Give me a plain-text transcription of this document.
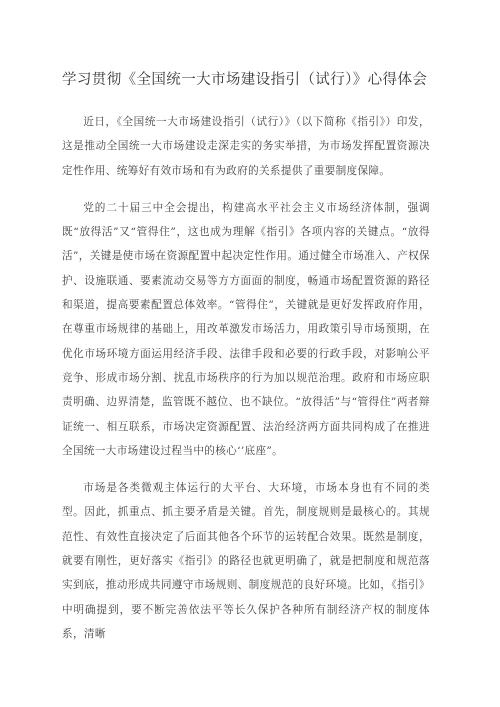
学习贯彻《全国统一大市场建设指引（试行）》心得体会

近日，《全国统一大市场建设指引（试行）》（以下简称《指引》）印发，这是推动全国统一大市场建设走深走实的务实举措，为市场发挥配置资源决定性作用、统筹好有效市场和有为政府的关系提供了重要制度保障。

党的二十届三中全会提出，构建高水平社会主义市场经济体制，强调既“放得活”又“管得住”，这也成为理解《指引》各项内容的关键点。“放得活”，关键是使市场在资源配置中起决定性作用。通过健全市场准入、产权保护、设施联通、要素流动交易等方方面面的制度，畅通市场配置资源的路径和渠道，提高要素配置总体效率。“管得住”，关键就是更好发挥政府作用，在尊重市场规律的基础上，用改革激发市场活力，用政策引导市场预期，在优化市场环境方面运用经济手段、法律手段和必要的行政手段，对影响公平竞争、形成市场分割、扰乱市场秩序的行为加以规范治理。政府和市场应职责明确、边界清楚，监管既不越位、也不缺位。“放得活”与“管得住”两者辩证统一、相互联系，市场决定资源配置、法治经济两方面共同构成了在推进全国统一大市场建设过程当中的核心‘’底座”。

市场是各类微观主体运行的大平台、大环境，市场本身也有不同的类型。因此，抓重点、抓主要矛盾是关键。首先，制度规则是最核心的。其规范性、有效性直接决定了后面其他各个环节的运转配合效果。既然是制度，就要有刚性，更好落实《指引》的路径也就更明确了，就是把制度和规范落实到底，推动形成共同遵守市场规则、制度规范的良好环境。比如，《指引》中明确提到，要不断完善依法平等长久保护各种所有制经济产权的制度体系，清晰
